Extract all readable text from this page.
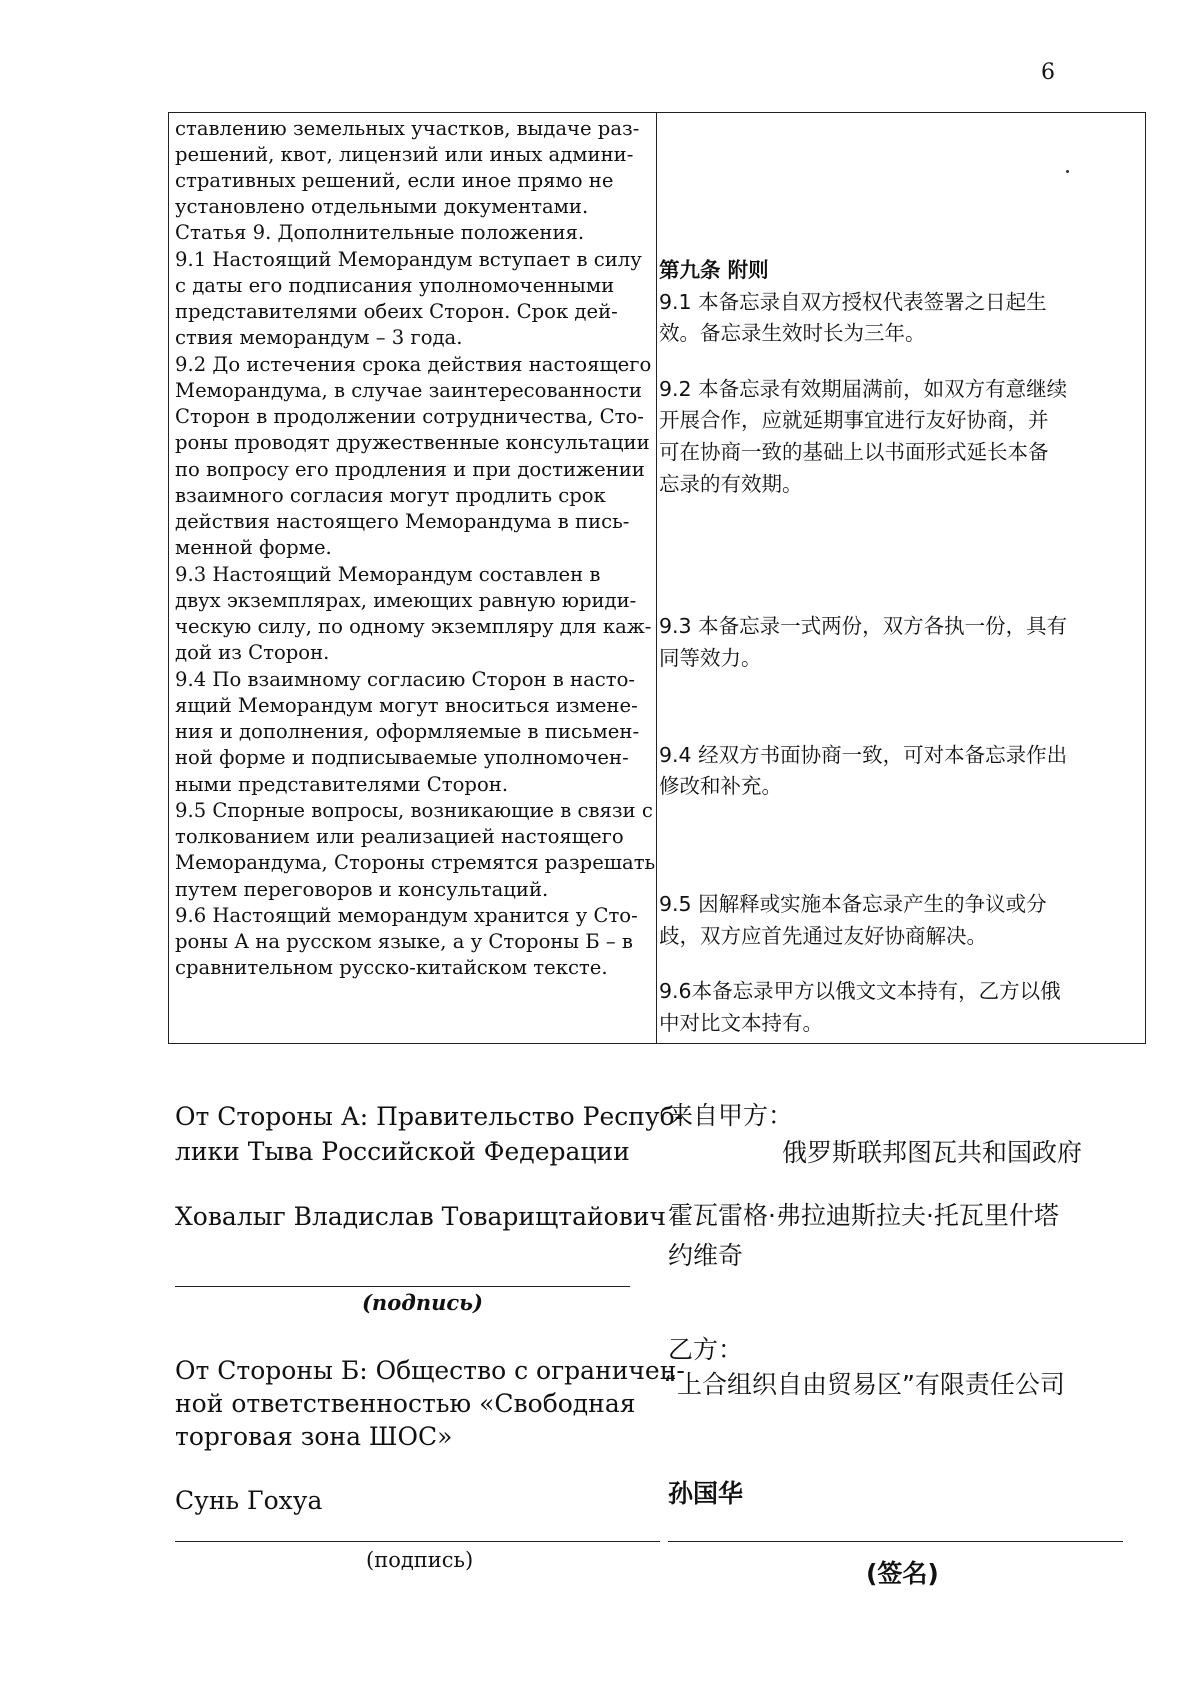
6
ставлению земельных участков, выдаче раз-
решений, квот, лицензий или иных админи-
стративных решений, если иное прямо не
установлено отдельными документами.
Статья 9. Дополнительные положения.
9.1 Настоящий Меморандум вступает в силу
с даты его подписания уполномоченными
представителями обеих Сторон. Срок дей-
ствия меморандум – 3 года.
9.2 До истечения срока действия настоящего
Меморандума, в случае заинтересованности
Сторон в продолжении сотрудничества, Сто-
роны проводят дружественные консультации
по вопросу его продления и при достижении
взаимного согласия могут продлить срок
действия настоящего Меморандума в пись-
менной форме.
9.3 Настоящий Меморандум составлен в
двух экземплярах, имеющих равную юриди-
ческую силу, по одному экземпляру для каж-
дой из Сторон.
9.4 По взаимному согласию Сторон в насто-
ящий Меморандум могут вноситься измене-
ния и дополнения, оформляемые в письмен-
ной форме и подписываемые уполномочен-
ными представителями Сторон.
9.5 Спорные вопросы, возникающие в связи с
толкованием или реализацией настоящего
Меморандума, Стороны стремятся разрешать
путем переговоров и консультаций.
9.6 Настоящий меморандум хранится у Сто-
роны А на русском языке, а у Стороны Б – в
сравнительном русско-китайском тексте.
第九条 附则
9.1 本备忘录自双方授权代表签署之日起生
效。备忘录生效时长为三年。
9.2 本备忘录有效期届满前，如双方有意继续
开展合作，应就延期事宜进行友好协商，并
可在协商一致的基础上以书面形式延长本备
忘录的有效期。
9.3 本备忘录一式两份，双方各执一份，具有
同等效力。
9.4 经双方书面协商一致，可对本备忘录作出
修改和补充。
9.5 因解释或实施本备忘录产生的争议或分
歧，双方应首先通过友好协商解决。
9.6本备忘录甲方以俄文文本持有，乙方以俄
中对比文本持有。
От Стороны А: Правительство Респуб-
лики Тыва Российской Федерации
来自甲方：
俄罗斯联邦图瓦共和国政府
Ховалыг Владислав Товарищтайович 霍瓦雷格·弗拉迪斯拉夫·托瓦里什塔
约维奇
(подпись)
乙方：
От Стороны Б: Общество с ограничен-
ной ответственностью «Свободная
торговая зона ШОС»
“上合组织自由贸易区”有限责任公司
Сунь Гохуа	孙国华
(подпись)	(签名)
